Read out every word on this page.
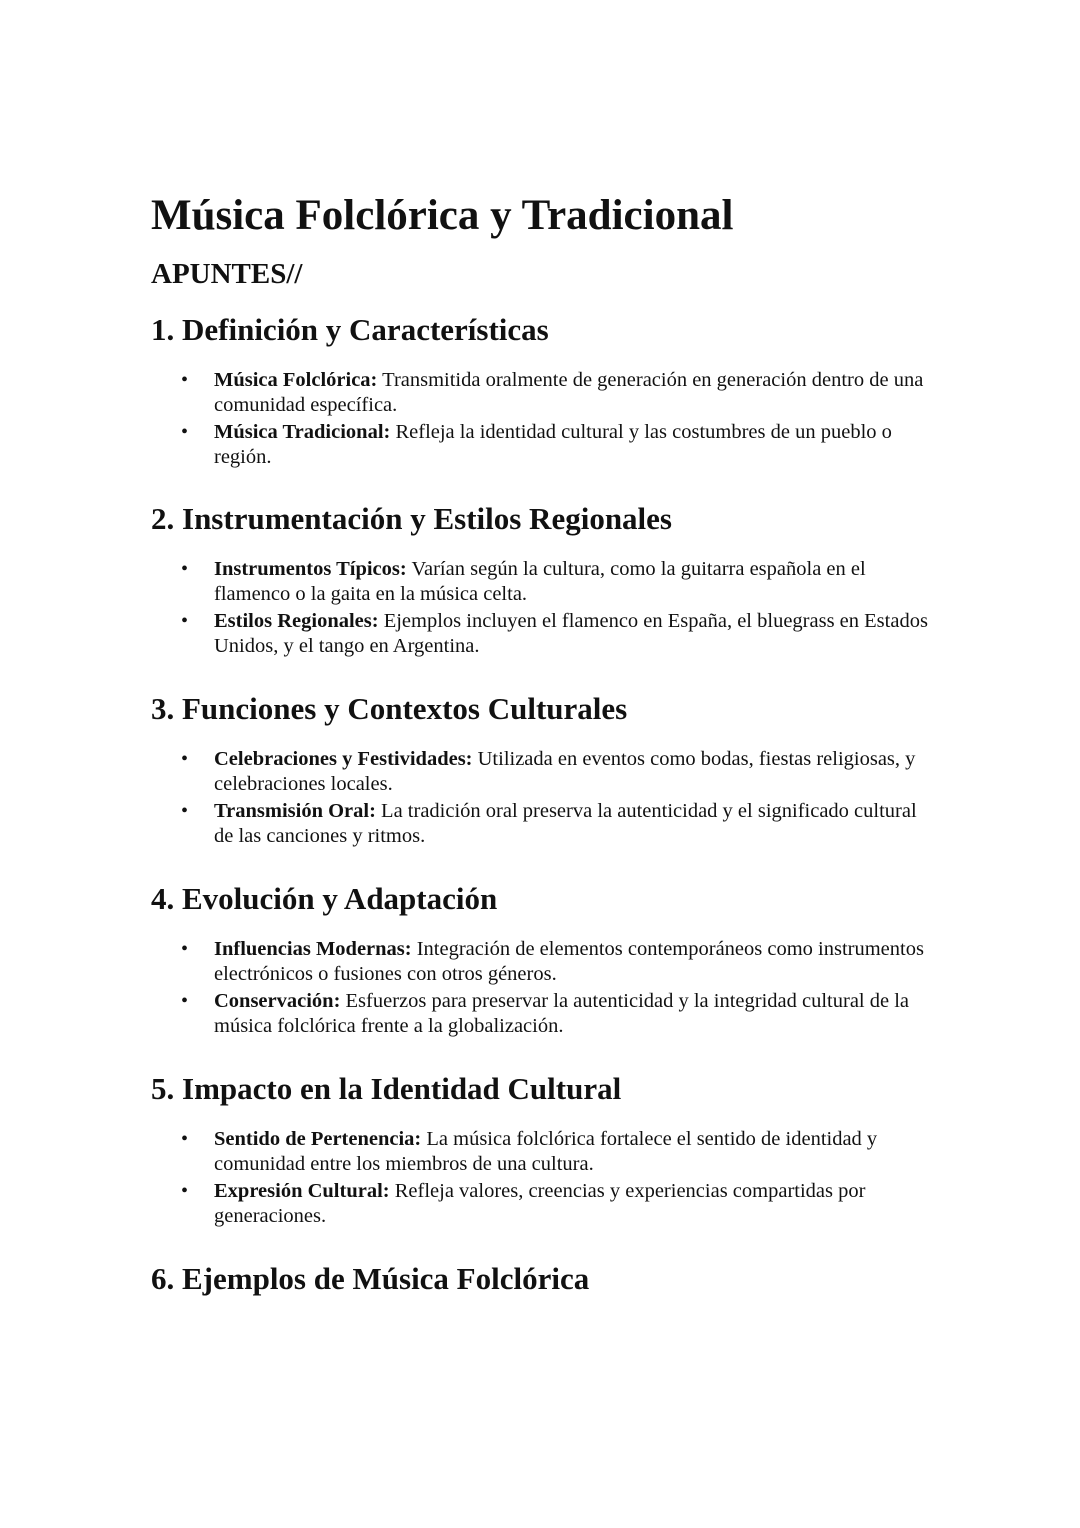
Música Folclórica y Tradicional
APUNTES//
1. Definición y Características
• Música Folclórica: Transmitida oralmente de generación en generación dentro de una comunidad específica.
• Música Tradicional: Refleja la identidad cultural y las costumbres de un pueblo o región.
2. Instrumentación y Estilos Regionales
• Instrumentos Típicos: Varían según la cultura, como la guitarra española en el flamenco o la gaita en la música celta.
• Estilos Regionales: Ejemplos incluyen el flamenco en España, el bluegrass en Estados Unidos, y el tango en Argentina.
3. Funciones y Contextos Culturales
• Celebraciones y Festividades: Utilizada en eventos como bodas, fiestas religiosas, y celebraciones locales.
• Transmisión Oral: La tradición oral preserva la autenticidad y el significado cultural de las canciones y ritmos.
4. Evolución y Adaptación
• Influencias Modernas: Integración de elementos contemporáneos como instrumentos electrónicos o fusiones con otros géneros.
• Conservación: Esfuerzos para preservar la autenticidad y la integridad cultural de la música folclórica frente a la globalización.
5. Impacto en la Identidad Cultural
• Sentido de Pertenencia: La música folclórica fortalece el sentido de identidad y comunidad entre los miembros de una cultura.
• Expresión Cultural: Refleja valores, creencias y experiencias compartidas por generaciones.
6. Ejemplos de Música Folclórica
